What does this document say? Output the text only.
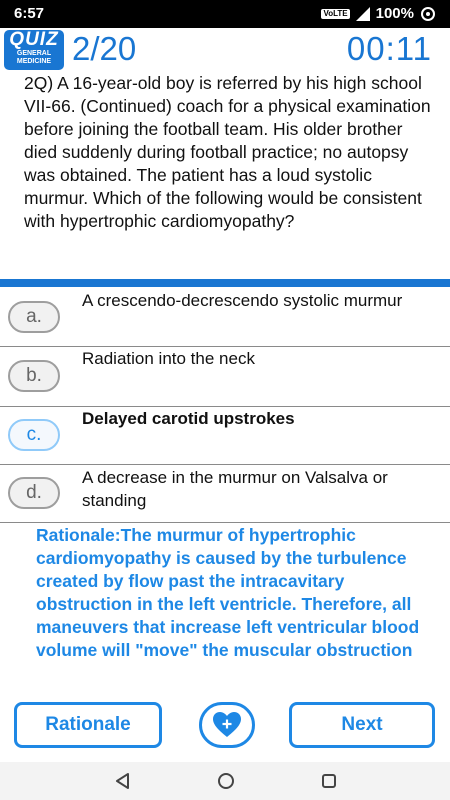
6:57	VoLTE 100%
QUIZ
GENERAL
MEDICINE 2/20	00:11
2Q) A 16-year-old boy is referred by his high school VII-66. (Continued) coach for a physical examination before joining the football team. His older brother died suddenly during football practice; no autopsy was obtained. The patient has a loud systolic murmur. Which of the following would be consistent with hypertrophic cardiomyopathy?
a.
A crescendo-decrescendo systolic murmur
b.
Radiation into the neck
c.
Delayed carotid upstrokes
d.
A decrease in the murmur on Valsalva or standing
Rationale:The murmur of hypertrophic cardiomyopathy is caused by the turbulence created by flow past the intracavitary obstruction in the left ventricle. Therefore, all maneuvers that increase left ventricular blood volume will "move" the muscular obstruction
Rationale	Next
